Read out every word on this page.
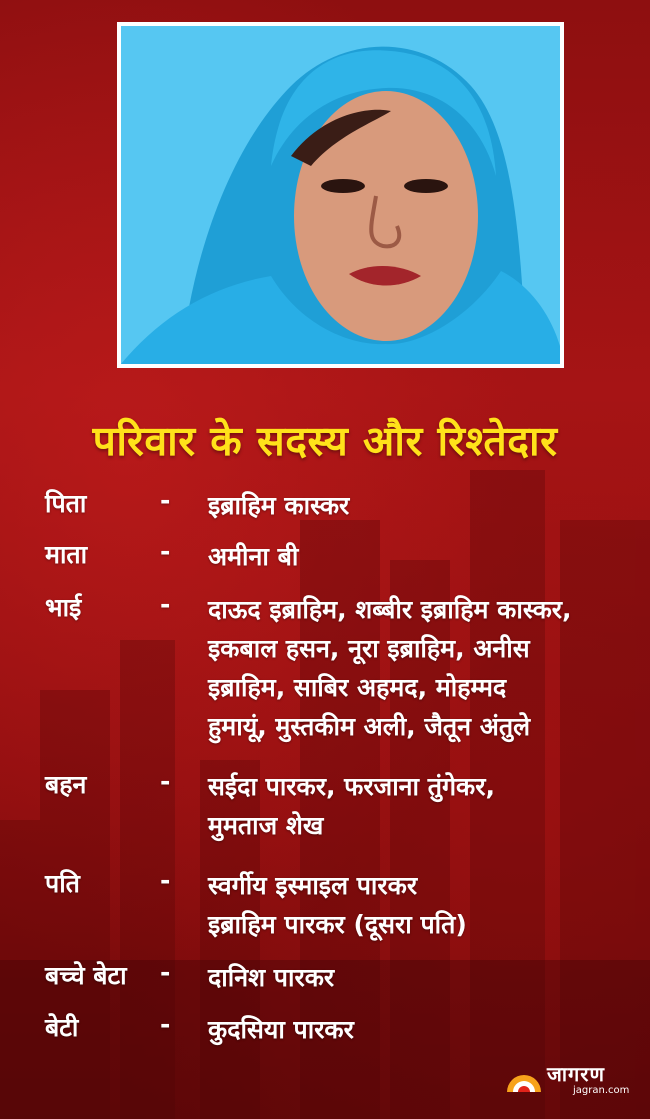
परिवार के सदस्य और रिश्तेदार
पिता	- इब्राहिम कास्कर
माता	- अमीना बी
भाई	- दाऊद इब्राहिम, शब्बीर इब्राहिम कास्कर,
इकबाल हसन, नूरा इब्राहिम, अनीस
इब्राहिम, साबिर अहमद, मोहम्मद
हुमायूं, मुस्तकीम अली, जैतून अंतुले
बहन	- सईदा पारकर, फरजाना तुंगेकर,
मुमताज शेख
पति	- स्वर्गीय इस्माइल पारकर
इब्राहिम पारकर (दूसरा पति)
बच्चे बेटा - दानिश पारकर
बेटी	- कुदसिया पारकर
जागरण
jagran.com
